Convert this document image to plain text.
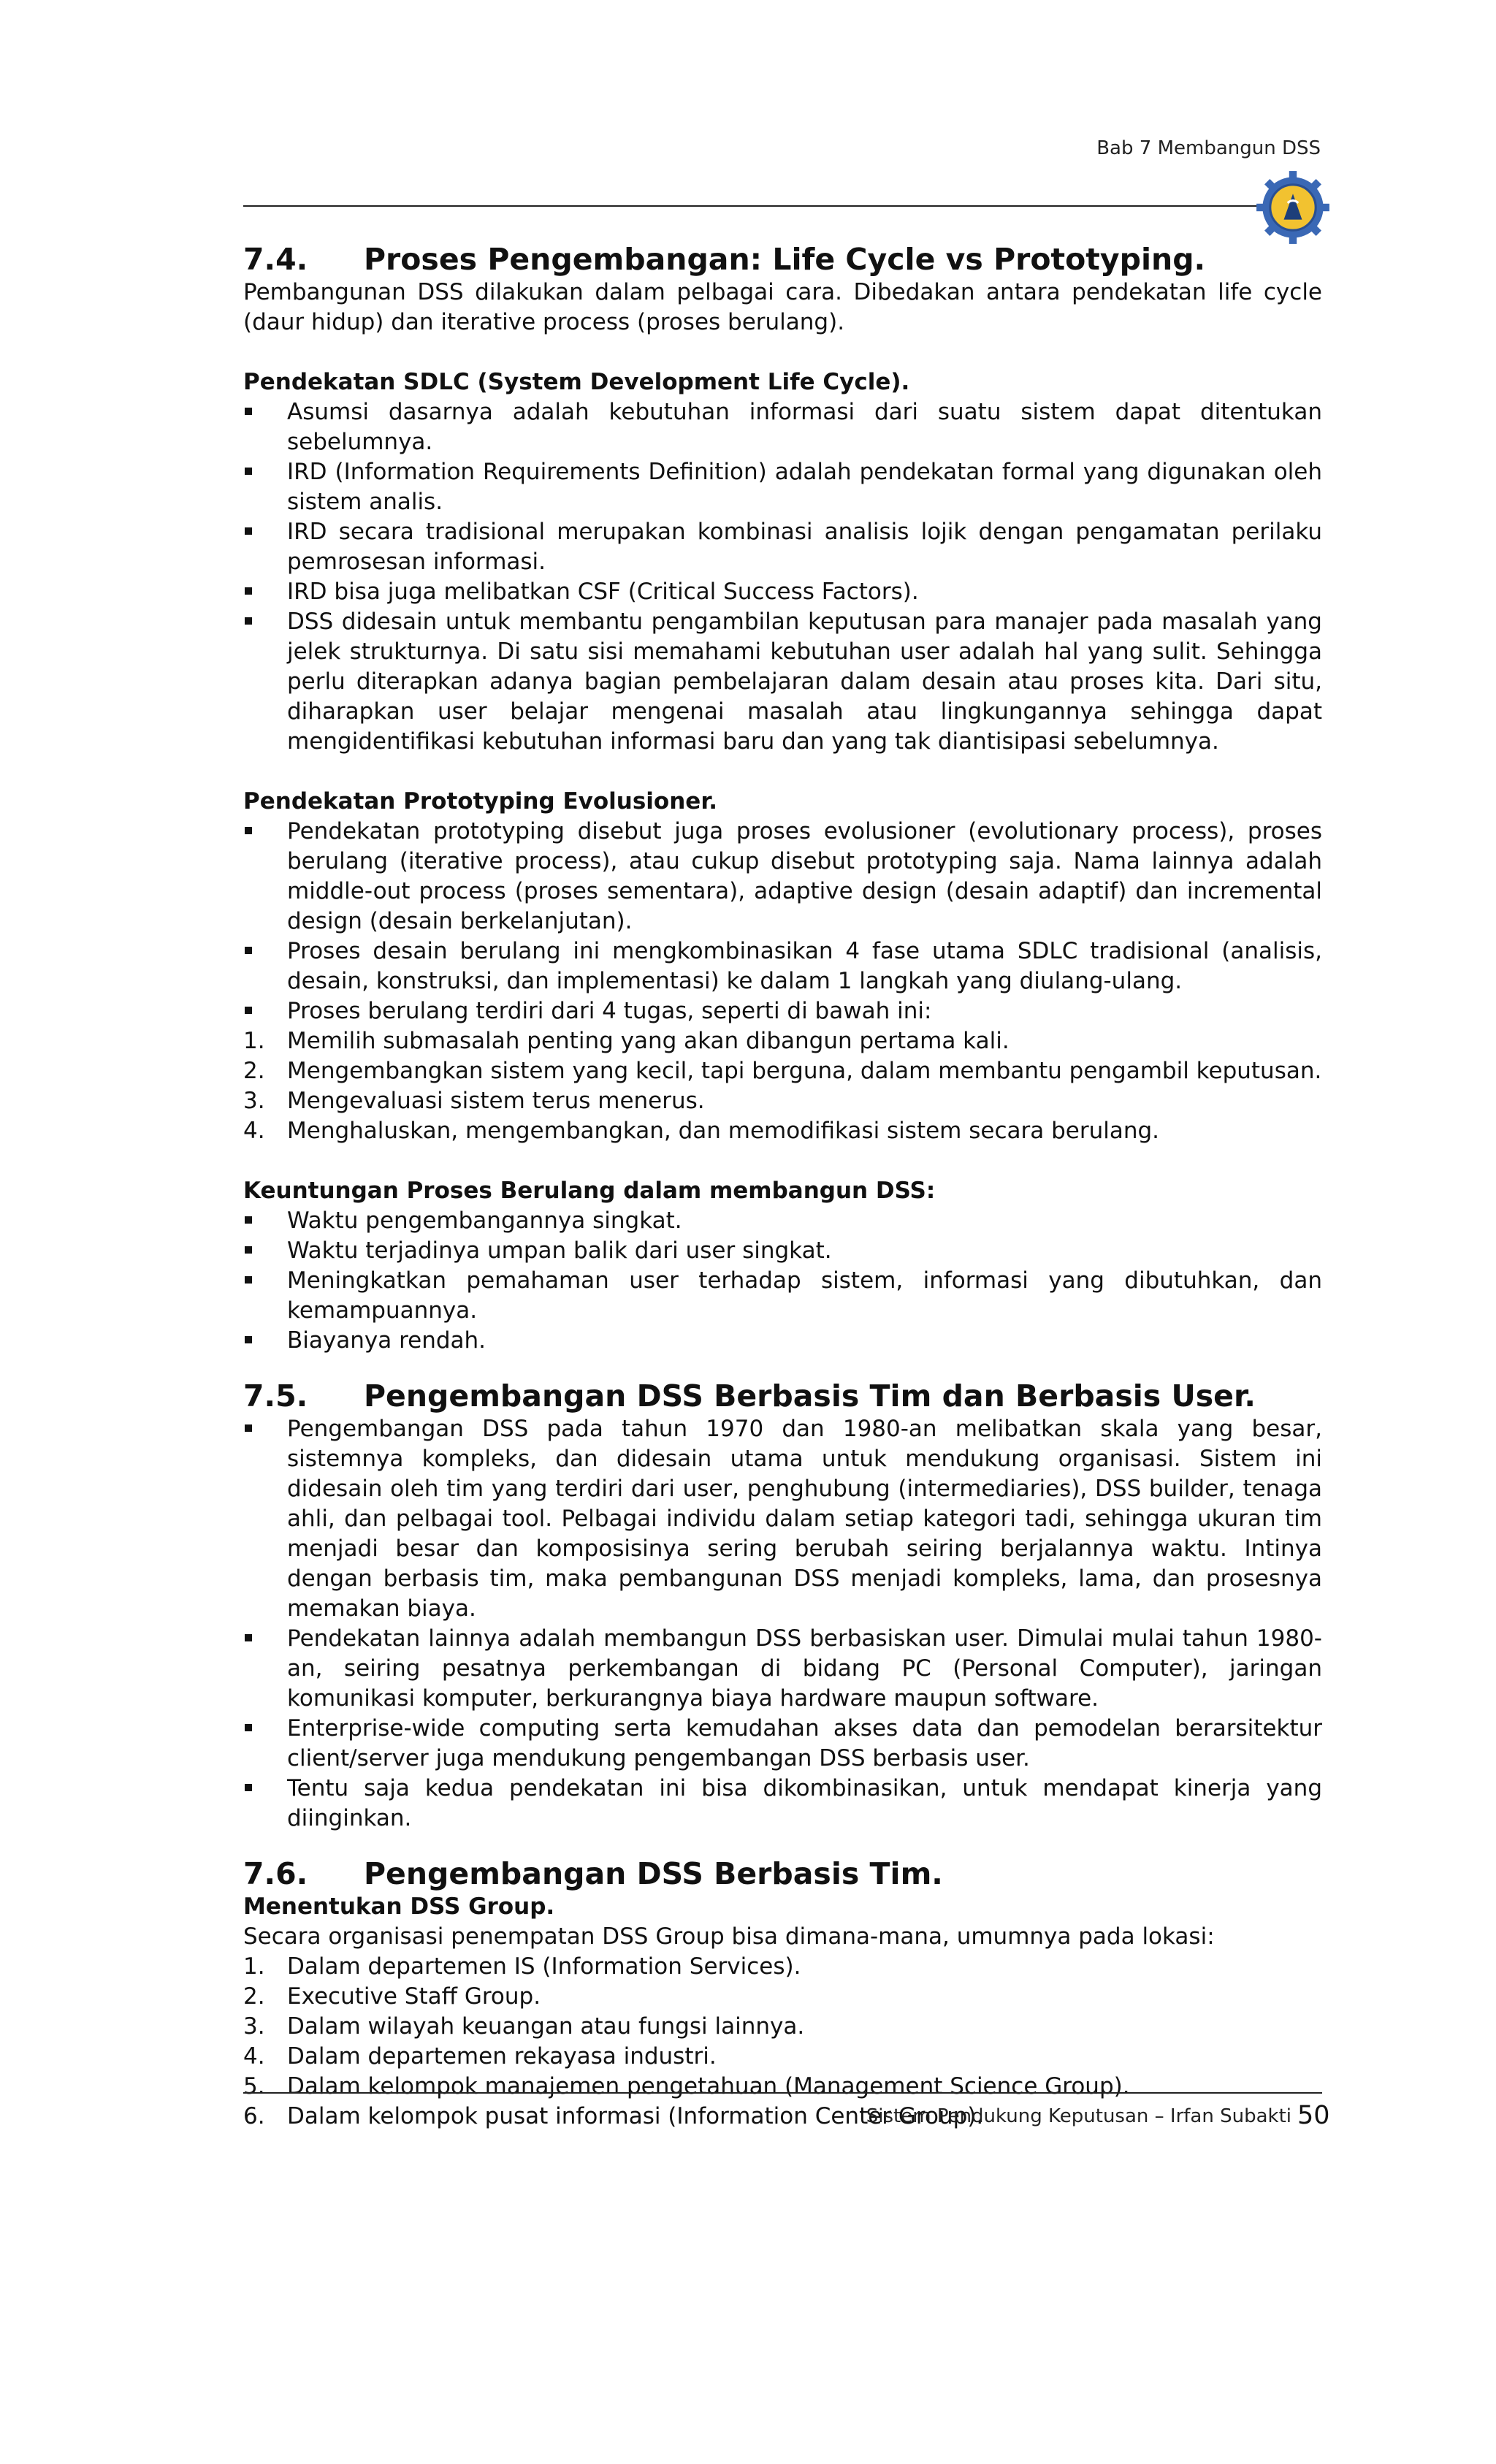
Bab 7 Membangun DSS
7.4.	Proses Pengembangan: Life Cycle vs Prototyping.

Pembangunan DSS dilakukan dalam pelbagai cara. Dibedakan antara pendekatan life cycle (daur hidup) dan iterative process (proses berulang).

Pendekatan SDLC (System Development Life Cycle).

Asumsi dasarnya adalah kebutuhan informasi dari suatu sistem dapat ditentukan sebelumnya.
IRD (Information Requirements Definition) adalah pendekatan formal yang digunakan oleh sistem analis.
IRD secara tradisional merupakan kombinasi analisis lojik dengan pengamatan perilaku pemrosesan informasi.
IRD bisa juga melibatkan CSF (Critical Success Factors).
DSS didesain untuk membantu pengambilan keputusan para manajer pada masalah yang jelek strukturnya. Di satu sisi memahami kebutuhan user adalah hal yang sulit. Sehingga perlu diterapkan adanya bagian pembelajaran dalam desain atau proses kita. Dari situ, diharapkan user belajar mengenai masalah atau lingkungannya sehingga dapat mengidentifikasi kebutuhan informasi baru dan yang tak diantisipasi sebelumnya.

Pendekatan Prototyping Evolusioner.

Pendekatan prototyping disebut juga proses evolusioner (evolutionary process), proses berulang (iterative process), atau cukup disebut prototyping saja. Nama lainnya adalah middle-out process (proses sementara), adaptive design (desain adaptif) dan incremental design (desain berkelanjutan).
Proses desain berulang ini mengkombinasikan 4 fase utama SDLC tradisional (analisis, desain, konstruksi, dan implementasi) ke dalam 1 langkah yang diulang-ulang.
Proses berulang terdiri dari 4 tugas, seperti di bawah ini:
1. Memilih submasalah penting yang akan dibangun pertama kali.
2. Mengembangkan sistem yang kecil, tapi berguna, dalam membantu pengambil keputusan.
3. Mengevaluasi sistem terus menerus.
4. Menghaluskan, mengembangkan, dan memodifikasi sistem secara berulang.

Keuntungan Proses Berulang dalam membangun DSS:

Waktu pengembangannya singkat.
Waktu terjadinya umpan balik dari user singkat.
Meningkatkan pemahaman user terhadap sistem, informasi yang dibutuhkan, dan kemampuannya.
Biayanya rendah.
7.5.	Pengembangan DSS Berbasis Tim dan Berbasis User.
Pengembangan DSS pada tahun 1970 dan 1980-an melibatkan skala yang besar, sistemnya kompleks, dan didesain utama untuk mendukung organisasi. Sistem ini didesain oleh tim yang terdiri dari user, penghubung (intermediaries), DSS builder, tenaga ahli, dan pelbagai tool. Pelbagai individu dalam setiap kategori tadi, sehingga ukuran tim menjadi besar dan komposisinya sering berubah seiring berjalannya waktu. Intinya dengan berbasis tim, maka pembangunan DSS menjadi kompleks, lama, dan prosesnya memakan biaya.
Pendekatan lainnya adalah membangun DSS berbasiskan user. Dimulai mulai tahun 1980-an, seiring pesatnya perkembangan di bidang PC (Personal Computer), jaringan komunikasi komputer, berkurangnya biaya hardware maupun software.
Enterprise-wide computing serta kemudahan akses data dan pemodelan berarsitektur client/server juga mendukung pengembangan DSS berbasis user.
Tentu saja kedua pendekatan ini bisa dikombinasikan, untuk mendapat kinerja yang diinginkan.
7.6.	Pengembangan DSS Berbasis Tim.

Menentukan DSS Group.

Secara organisasi penempatan DSS Group bisa dimana-mana, umumnya pada lokasi:

1. Dalam departemen IS (Information Services).
2. Executive Staff Group.
3. Dalam wilayah keuangan atau fungsi lainnya.
4. Dalam departemen rekayasa industri.
5. Dalam kelompok manajemen pengetahuan (Management Science Group).
6. Dalam kelompok pusat informasi (Information Center Group).
Sistem Pendukung Keputusan – Irfan Subakti 50
